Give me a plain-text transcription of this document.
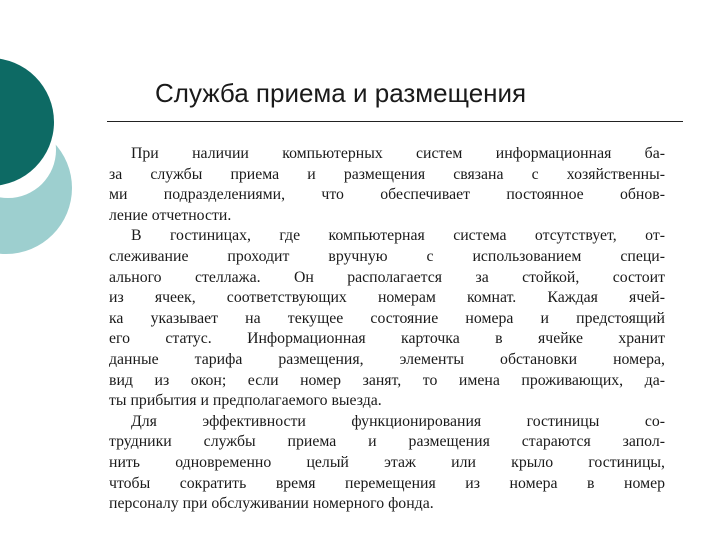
Служба приема и размещения
При наличии компьютерных систем информационная ба-
за службы приема и размещения связана с хозяйственны-
ми подразделениями, что обеспечивает постоянное обнов-
ление отчетности.
В гостиницах, где компьютерная система отсутствует, от-
слеживание проходит вручную с использованием специ-
ального стеллажа. Он располагается за стойкой, состоит
из ячеек, соответствующих номерам комнат. Каждая ячей-
ка указывает на текущее состояние номера и предстоящий
его статус. Информационная карточка в ячейке хранит
данные тарифа размещения, элементы обстановки номера,
вид из окон; если номер занят, то имена проживающих, да-
ты прибытия и предполагаемого выезда.
Для эффективности функционирования гостиницы со-
трудники службы приема и размещения стараются запол-
нить одновременно целый этаж или крыло гостиницы,
чтобы сократить время перемещения из номера в номер
персоналу при обслуживании номерного фонда.
